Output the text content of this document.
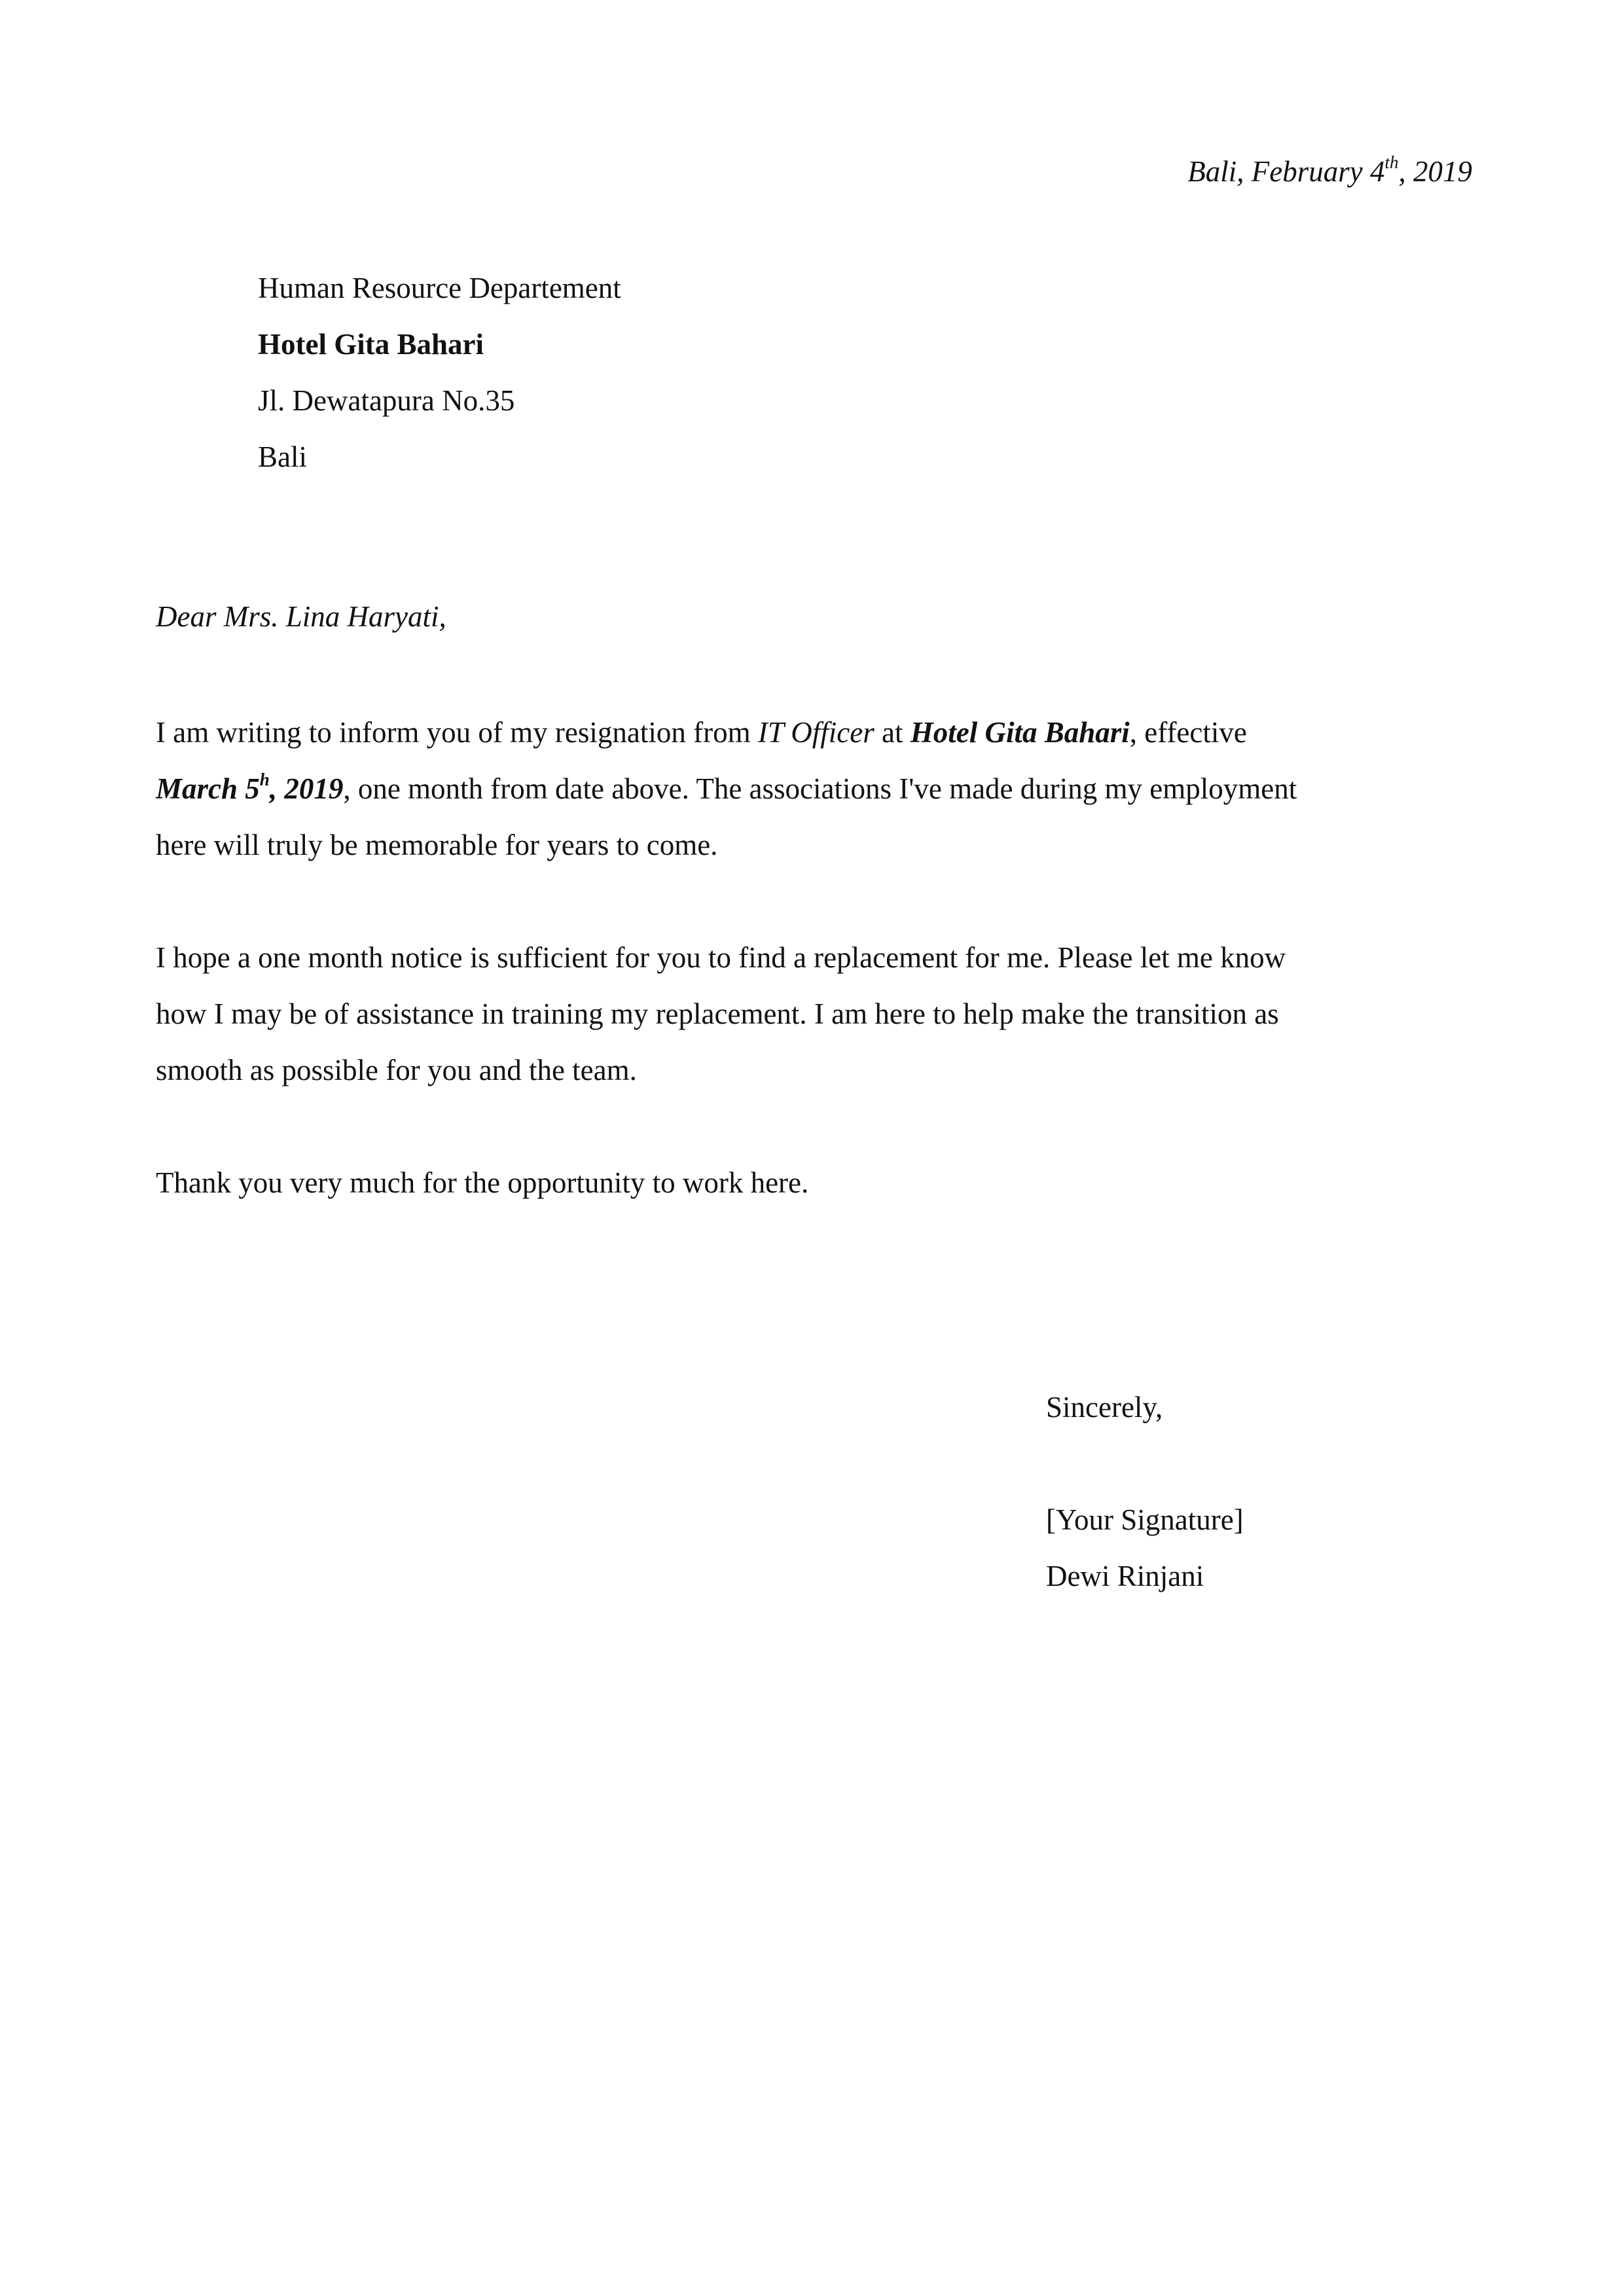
Bali, February 4th, 2019

Human Resource Departement

Hotel Gita Bahari

Jl. Dewatapura No.35

Bali

Dear Mrs. Lina Haryati,

I am writing to inform you of my resignation from IT Officer at Hotel Gita Bahari, effective
March 5$^h$, 2019, one month from date above. The associations I've made during my employment
here will truly be memorable for years to come.
I hope a one month notice is sufficient for you to find a replacement for me. Please let me know
how I may be of assistance in training my replacement. I am here to help make the transition as
smooth as possible for you and the team.
Thank you very much for the opportunity to work here.

Sincerely,

[Your Signature]

Dewi Rinjani
